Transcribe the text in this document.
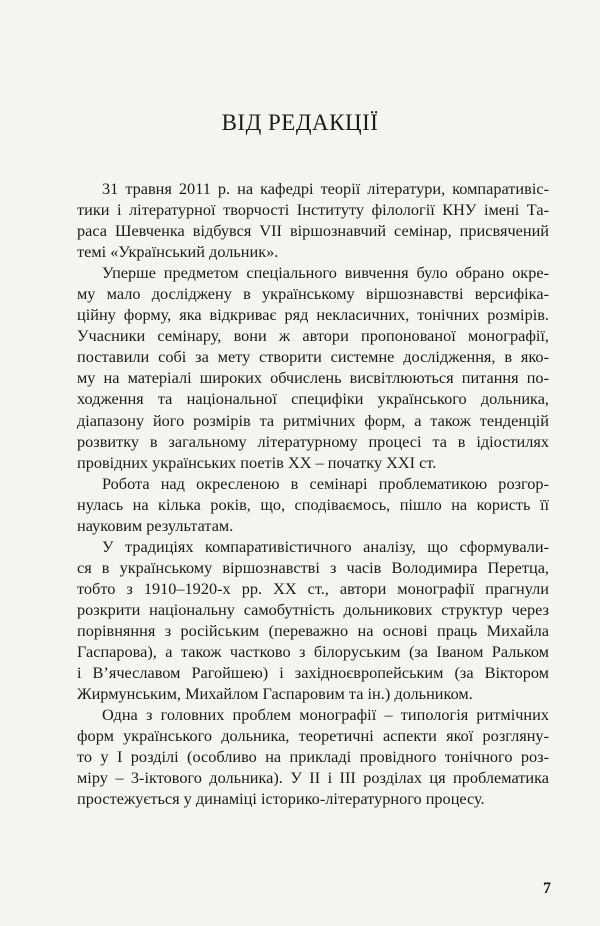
ВІД РЕДАКЦІЇ
31 травня 2011 р. на кафедрі теорії літератури, компаративіс-
тики і літературної творчості Інституту філології КНУ імені Та-
раса Шевченка відбувся VII віршознавчий семінар, присвячений
темі «Український дольник».
Уперше предметом спеціального вивчення було обрано окре-
му мало досліджену в українському віршознавстві версифіка-
ційну форму, яка відкриває ряд некласичних, тонічних розмірів.
Учасники семінару, вони ж автори пропонованої монографії,
поставили собі за мету створити системне дослідження, в яко-
му на матеріалі широких обчислень висвітлюються питання по-
ходження та національної специфіки українського дольника,
діапазону його розмірів та ритмічних форм, а також тенденцій
розвитку в загальному літературному процесі та в ідіостилях
провідних українських поетів XX – початку XXI ст.
Робота над окресленою в семінарі проблематикою розгор-
нулась на кілька років, що, сподіваємось, пішло на користь її
науковим результатам.
У традиціях компаративістичного аналізу, що сформували-
ся в українському віршознавстві з часів Володимира Перетца,
тобто з 1910–1920-х рр. XX ст., автори монографії прагнули
розкрити національну самобутність дольникових структур через
порівняння з російським (переважно на основі праць Михайла
Гаспарова), а також частково з білоруським (за Іваном Ральком
і В’ячеславом Рагойшею) і західноєвропейським (за Віктором
Жирмунським, Михайлом Гаспаровим та ін.) дольником.
Одна з головних проблем монографії – типологія ритмічних
форм українського дольника, теоретичні аспекти якої розгляну-
то у I розділі (особливо на прикладі провідного тонічного роз-
міру – 3-іктового дольника). У II і III розділах ця проблематика
простежується у динаміці історико-літературного процесу.
7
